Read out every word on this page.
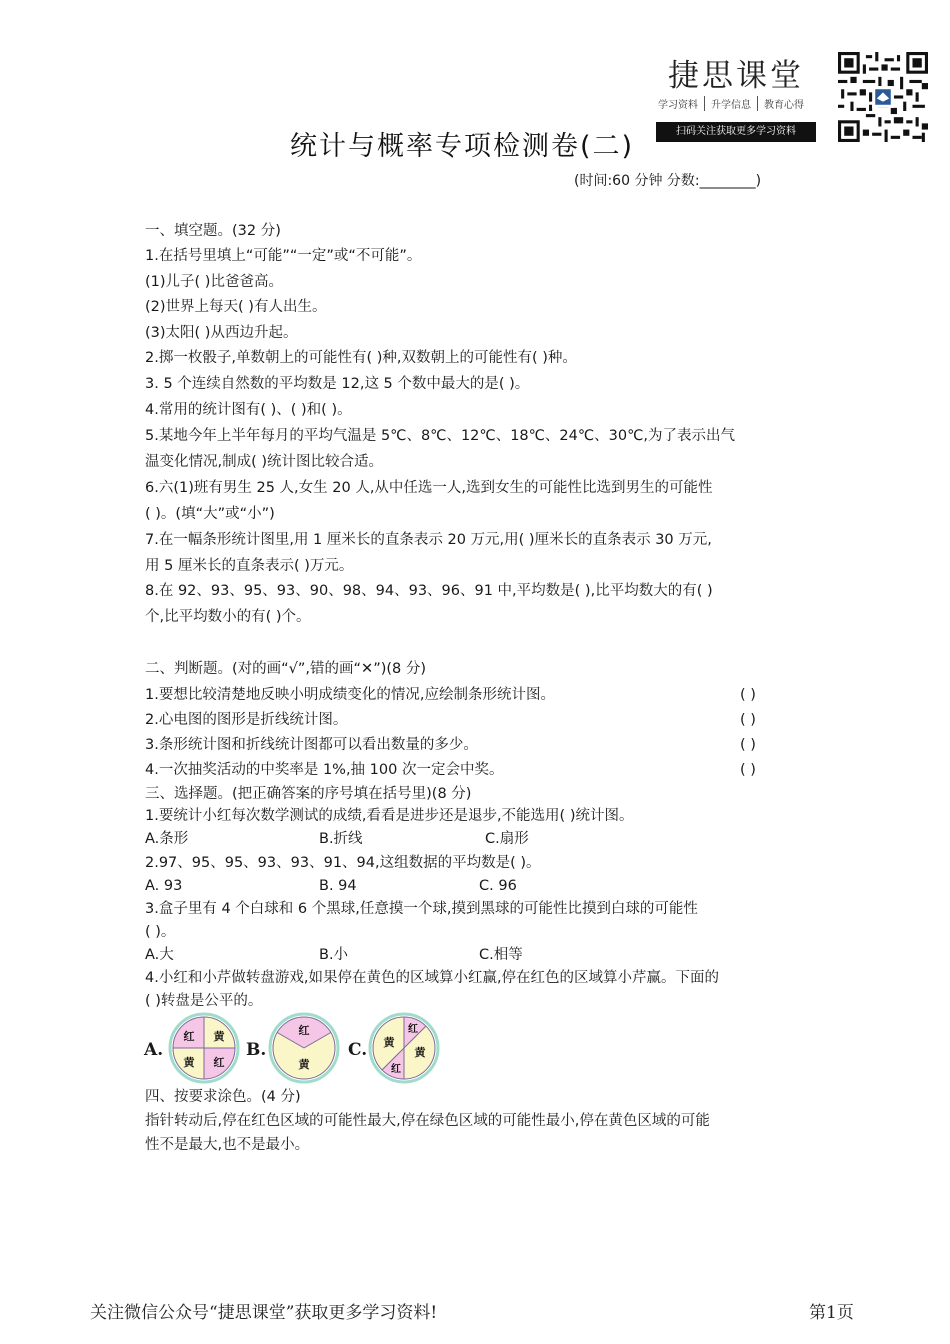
捷思课堂
学习资料	升学信息	教育心得
扫码关注获取更多学习资料
统计与概率专项检测卷(二)
(时间:60 分钟 分数:________)
一、填空题。(32 分)
1.在括号里填上“可能”“一定”或“不可能”。
(1)儿子( )比爸爸高。
(2)世界上每天( )有人出生。
(3)太阳( )从西边升起。
2.掷一枚骰子,单数朝上的可能性有( )种,双数朝上的可能性有( )种。
3. 5 个连续自然数的平均数是 12,这 5 个数中最大的是( )。
4.常用的统计图有( )、( )和( )。
5.某地今年上半年每月的平均气温是 5℃、8℃、12℃、18℃、24℃、30℃,为了表示出气
温变化情况,制成( )统计图比较合适。
6.六(1)班有男生 25 人,女生 20 人,从中任选一人,选到女生的可能性比选到男生的可能性
( )。(填“大”或“小”)
7.在一幅条形统计图里,用 1 厘米长的直条表示 20 万元,用( )厘米长的直条表示 30 万元,
用 5 厘米长的直条表示( )万元。
8.在 92、93、95、93、90、98、94、93、96、91 中,平均数是( ),比平均数大的有( )
个,比平均数小的有( )个。
二、判断题。(对的画“√”,错的画“✕”)(8 分)
1.要想比较清楚地反映小明成绩变化的情况,应绘制条形统计图。	( )
2.心电图的图形是折线统计图。	( )
3.条形统计图和折线统计图都可以看出数量的多少。	( )
4.一次抽奖活动的中奖率是 1%,抽 100 次一定会中奖。	( )
三、选择题。(把正确答案的序号填在括号里)(8 分)
1.要统计小红每次数学测试的成绩,看看是进步还是退步,不能选用( )统计图。
A.条形	B.折线	C.扇形
2.97、95、95、93、93、91、94,这组数据的平均数是( )。
A. 93	B. 94	C. 96
3.盒子里有 4 个白球和 6 个黑球,任意摸一个球,摸到黑球的可能性比摸到白球的可能性
( )。
A.大	B.小	C.相等
4.小红和小芹做转盘游戏,如果停在黄色的区域算小红赢,停在红色的区域算小芹赢。下面的
( )转盘是公平的。
A.
红 黄
黄 红
B.
红
黄
C.
红
黄
黄
红
四、按要求涂色。(4 分)
指针转动后,停在红色区域的可能性最大,停在绿色区域的可能性最小,停在黄色区域的可能
性不是最大,也不是最小。
关注微信公众号“捷思课堂”获取更多学习资料!	第1页
